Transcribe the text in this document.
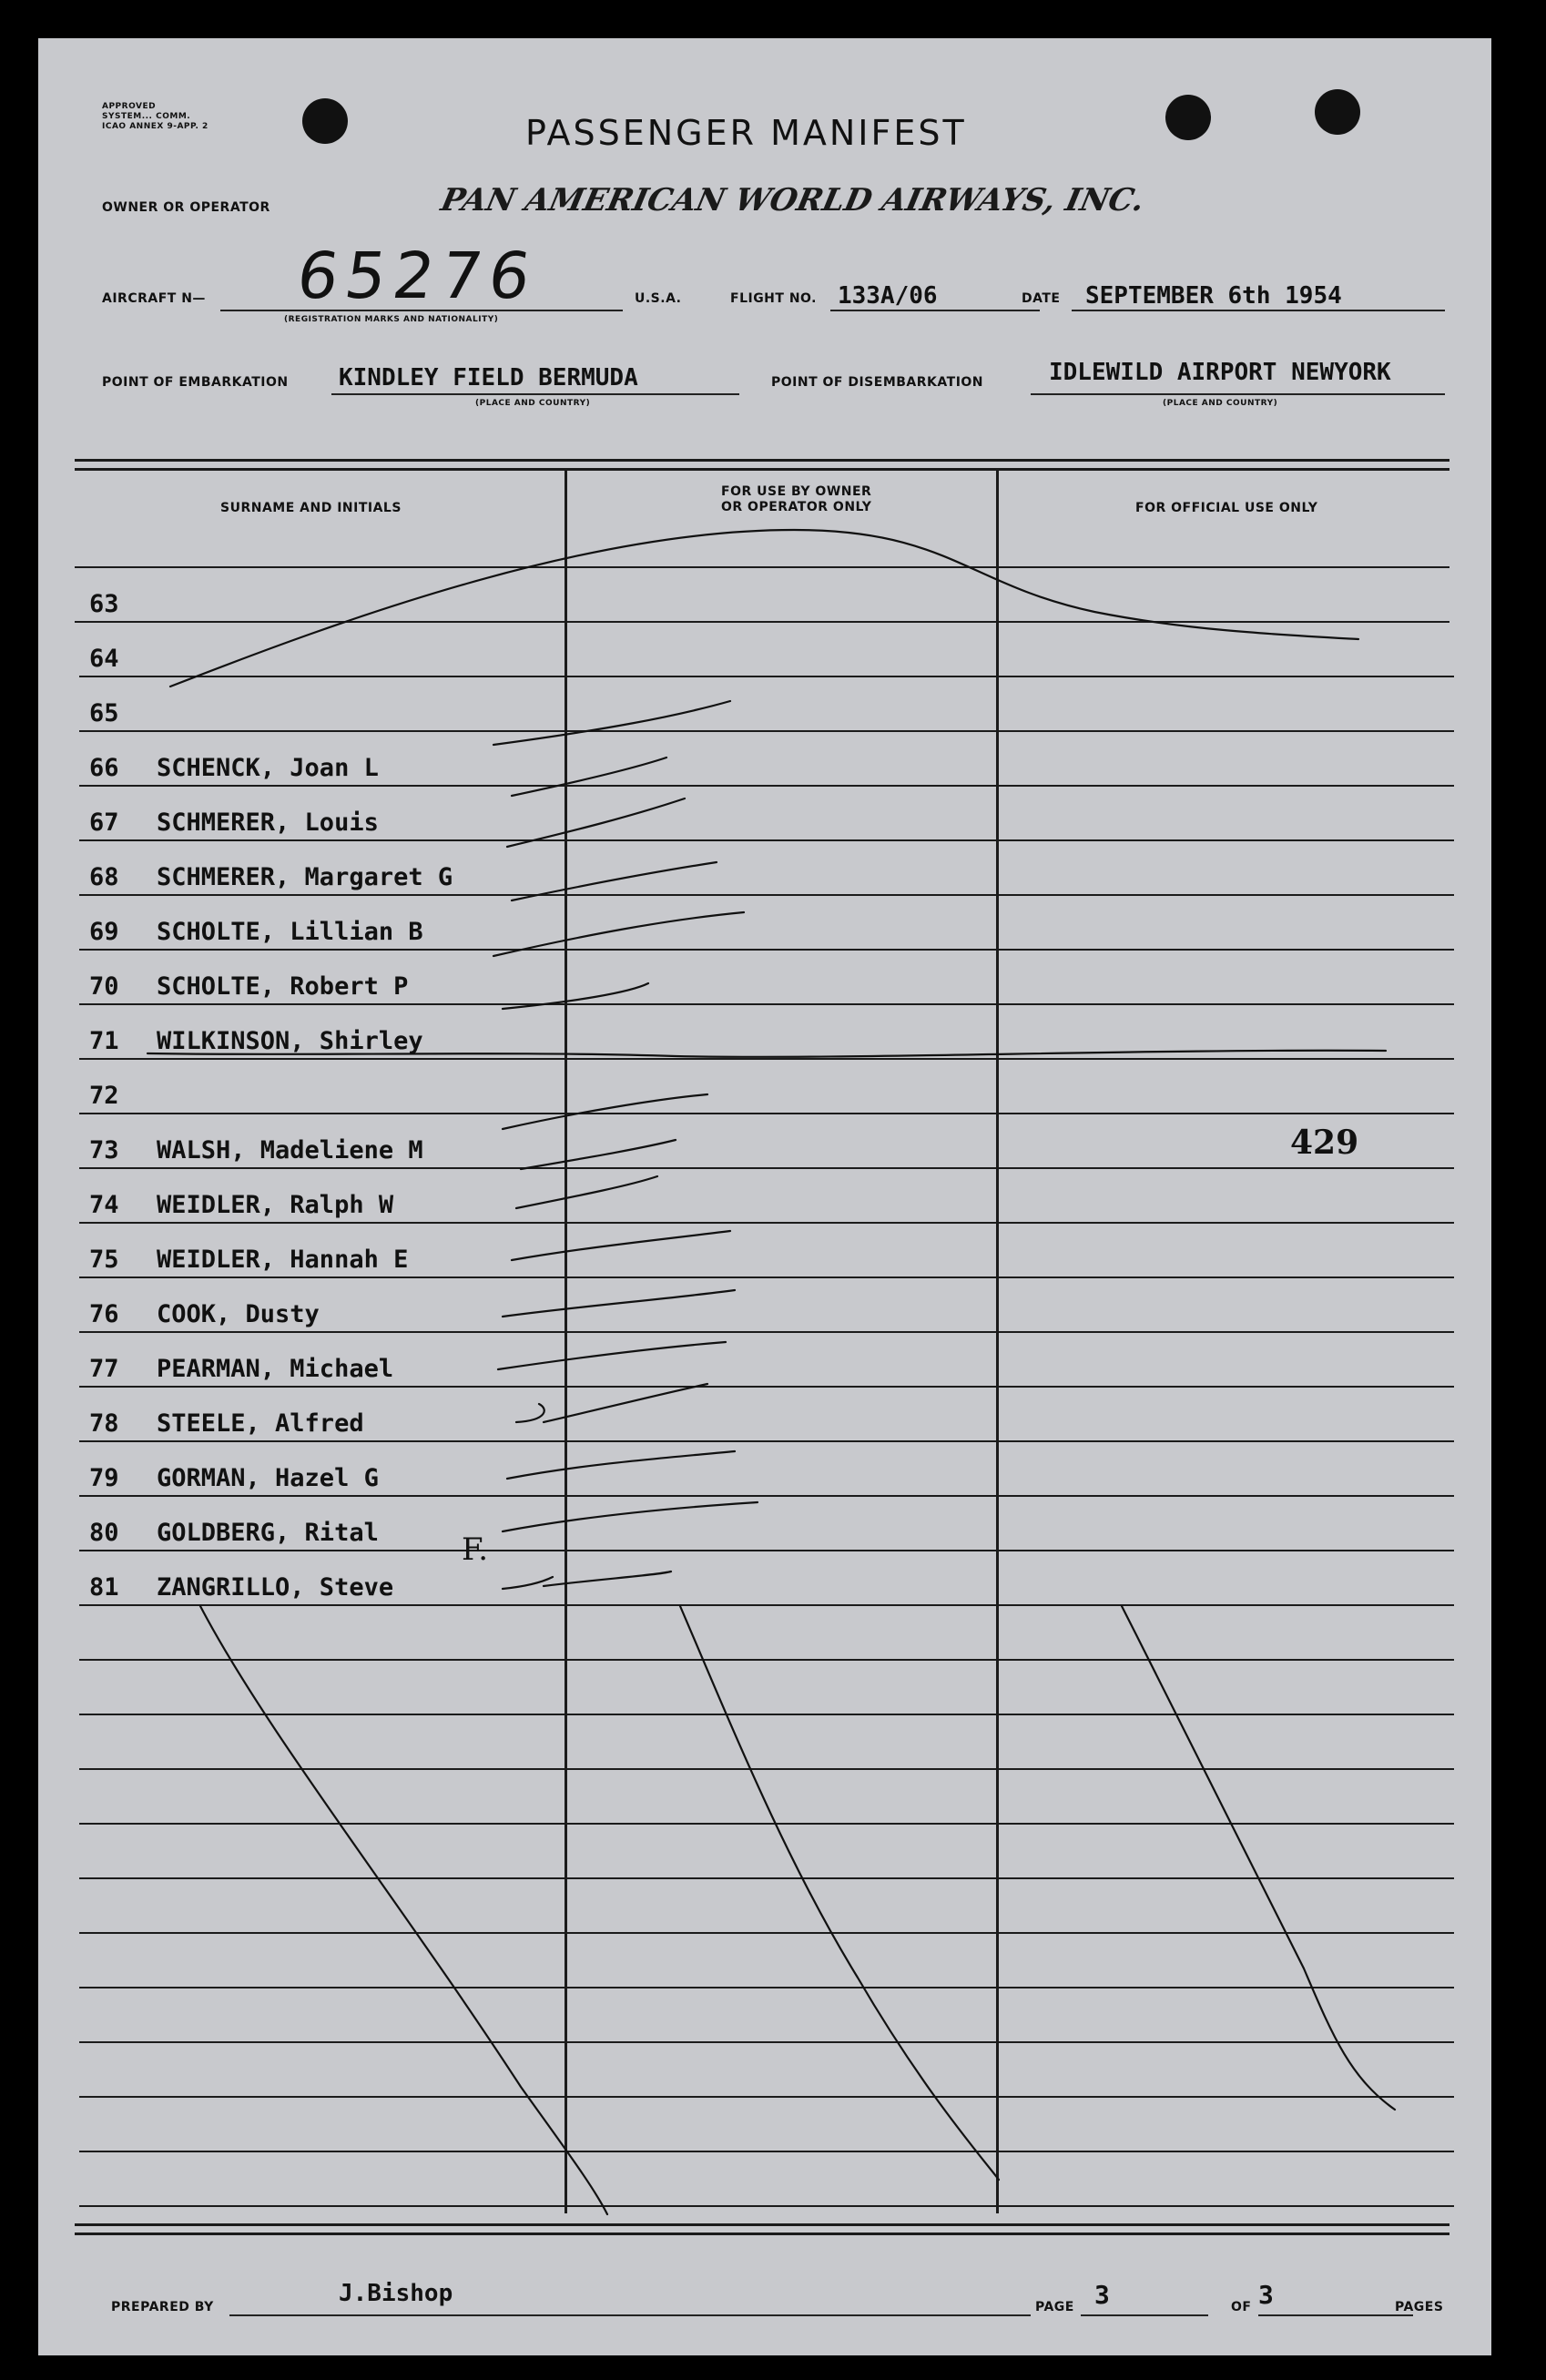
APPROVED
SYSTEM... COMM.
ICAO ANNEX 9-APP. 2	PASSENGER MANIFEST
OWNER OR OPERATOR	PAN AMERICAN WORLD AIRWAYS, INC.
AIRCRAFT N— 65276
(REGISTRATION MARKS AND NATIONALITY)
U.S.A.	FLIGHT NO. 133A/06	DATE SEPTEMBER 6th 1954
POINT OF EMBARKATION KINDLEY FIELD BERMUDA
(PLACE AND COUNTRY)
POINT OF DISEMBARKATION	IDLEWILD AIRPORT NEWYORK
(PLACE AND COUNTRY)
SURNAME AND INITIALS
FOR USE BY OWNER
OR OPERATOR ONLY	FOR OFFICIAL USE ONLY
63
64
65
66	SCHENCK, Joan L
67	SCHMERER, Louis
68	SCHMERER, Margaret G
69	SCHOLTE, Lillian B
70	SCHOLTE, Robert P
71	WILKINSON, Shirley
72
73	WALSH, Madeliene M
74	WEIDLER, Ralph W
75	WEIDLER, Hannah E
76	COOK, Dusty
77	PEARMAN, Michael
78	STEELE, Alfred
79	GORMAN, Hazel G
80	GOLDBERG, Rital
81	ZANGRILLO, Steve
F.
429
PREPARED BY	J.Bishop	PAGE 3	OF 3	PAGES
